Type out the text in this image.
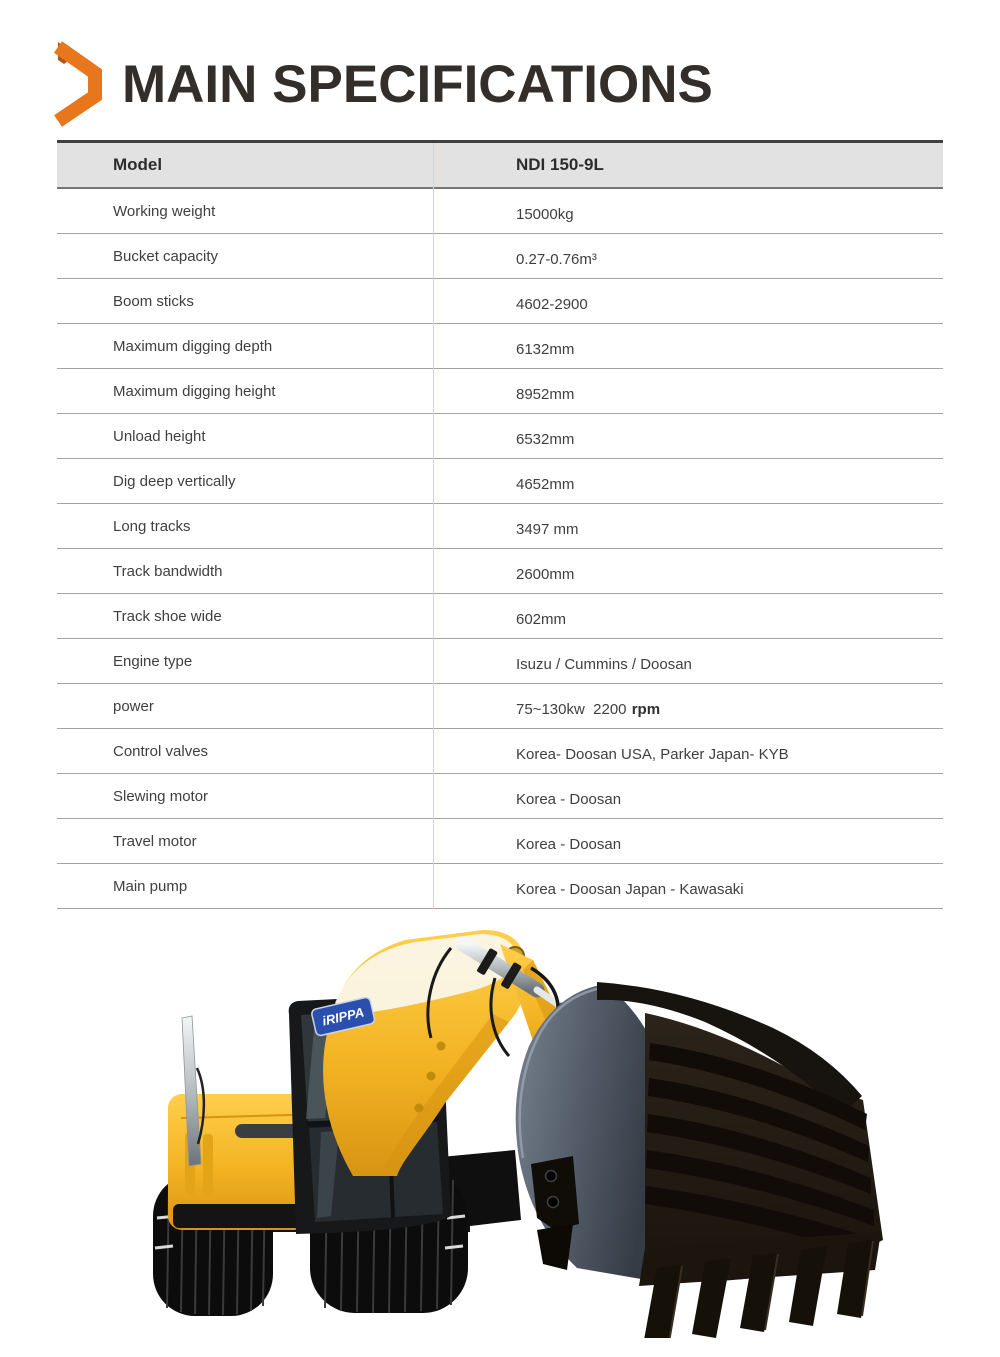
MAIN SPECIFICATIONS
Model	NDI 150-9L
Working weight	15000kg
Bucket capacity	0.27-0.76m³
Boom sticks	4602-2900
Maximum digging depth	6132mm
Maximum digging height	8952mm
Unload height	6532mm
Dig deep vertically	4652mm
Long tracks	3497 mm
Track bandwidth	2600mm
Track shoe wide	602mm
Engine type	Isuzu / Cummins / Doosan
power	75~130kw  2200 rpm
Control valves	Korea- Doosan USA, Parker Japan- KYB
Slewing motor	Korea - Doosan
Travel motor	Korea - Doosan
Main pump	Korea - Doosan Japan - Kawasaki
iRIPPA
